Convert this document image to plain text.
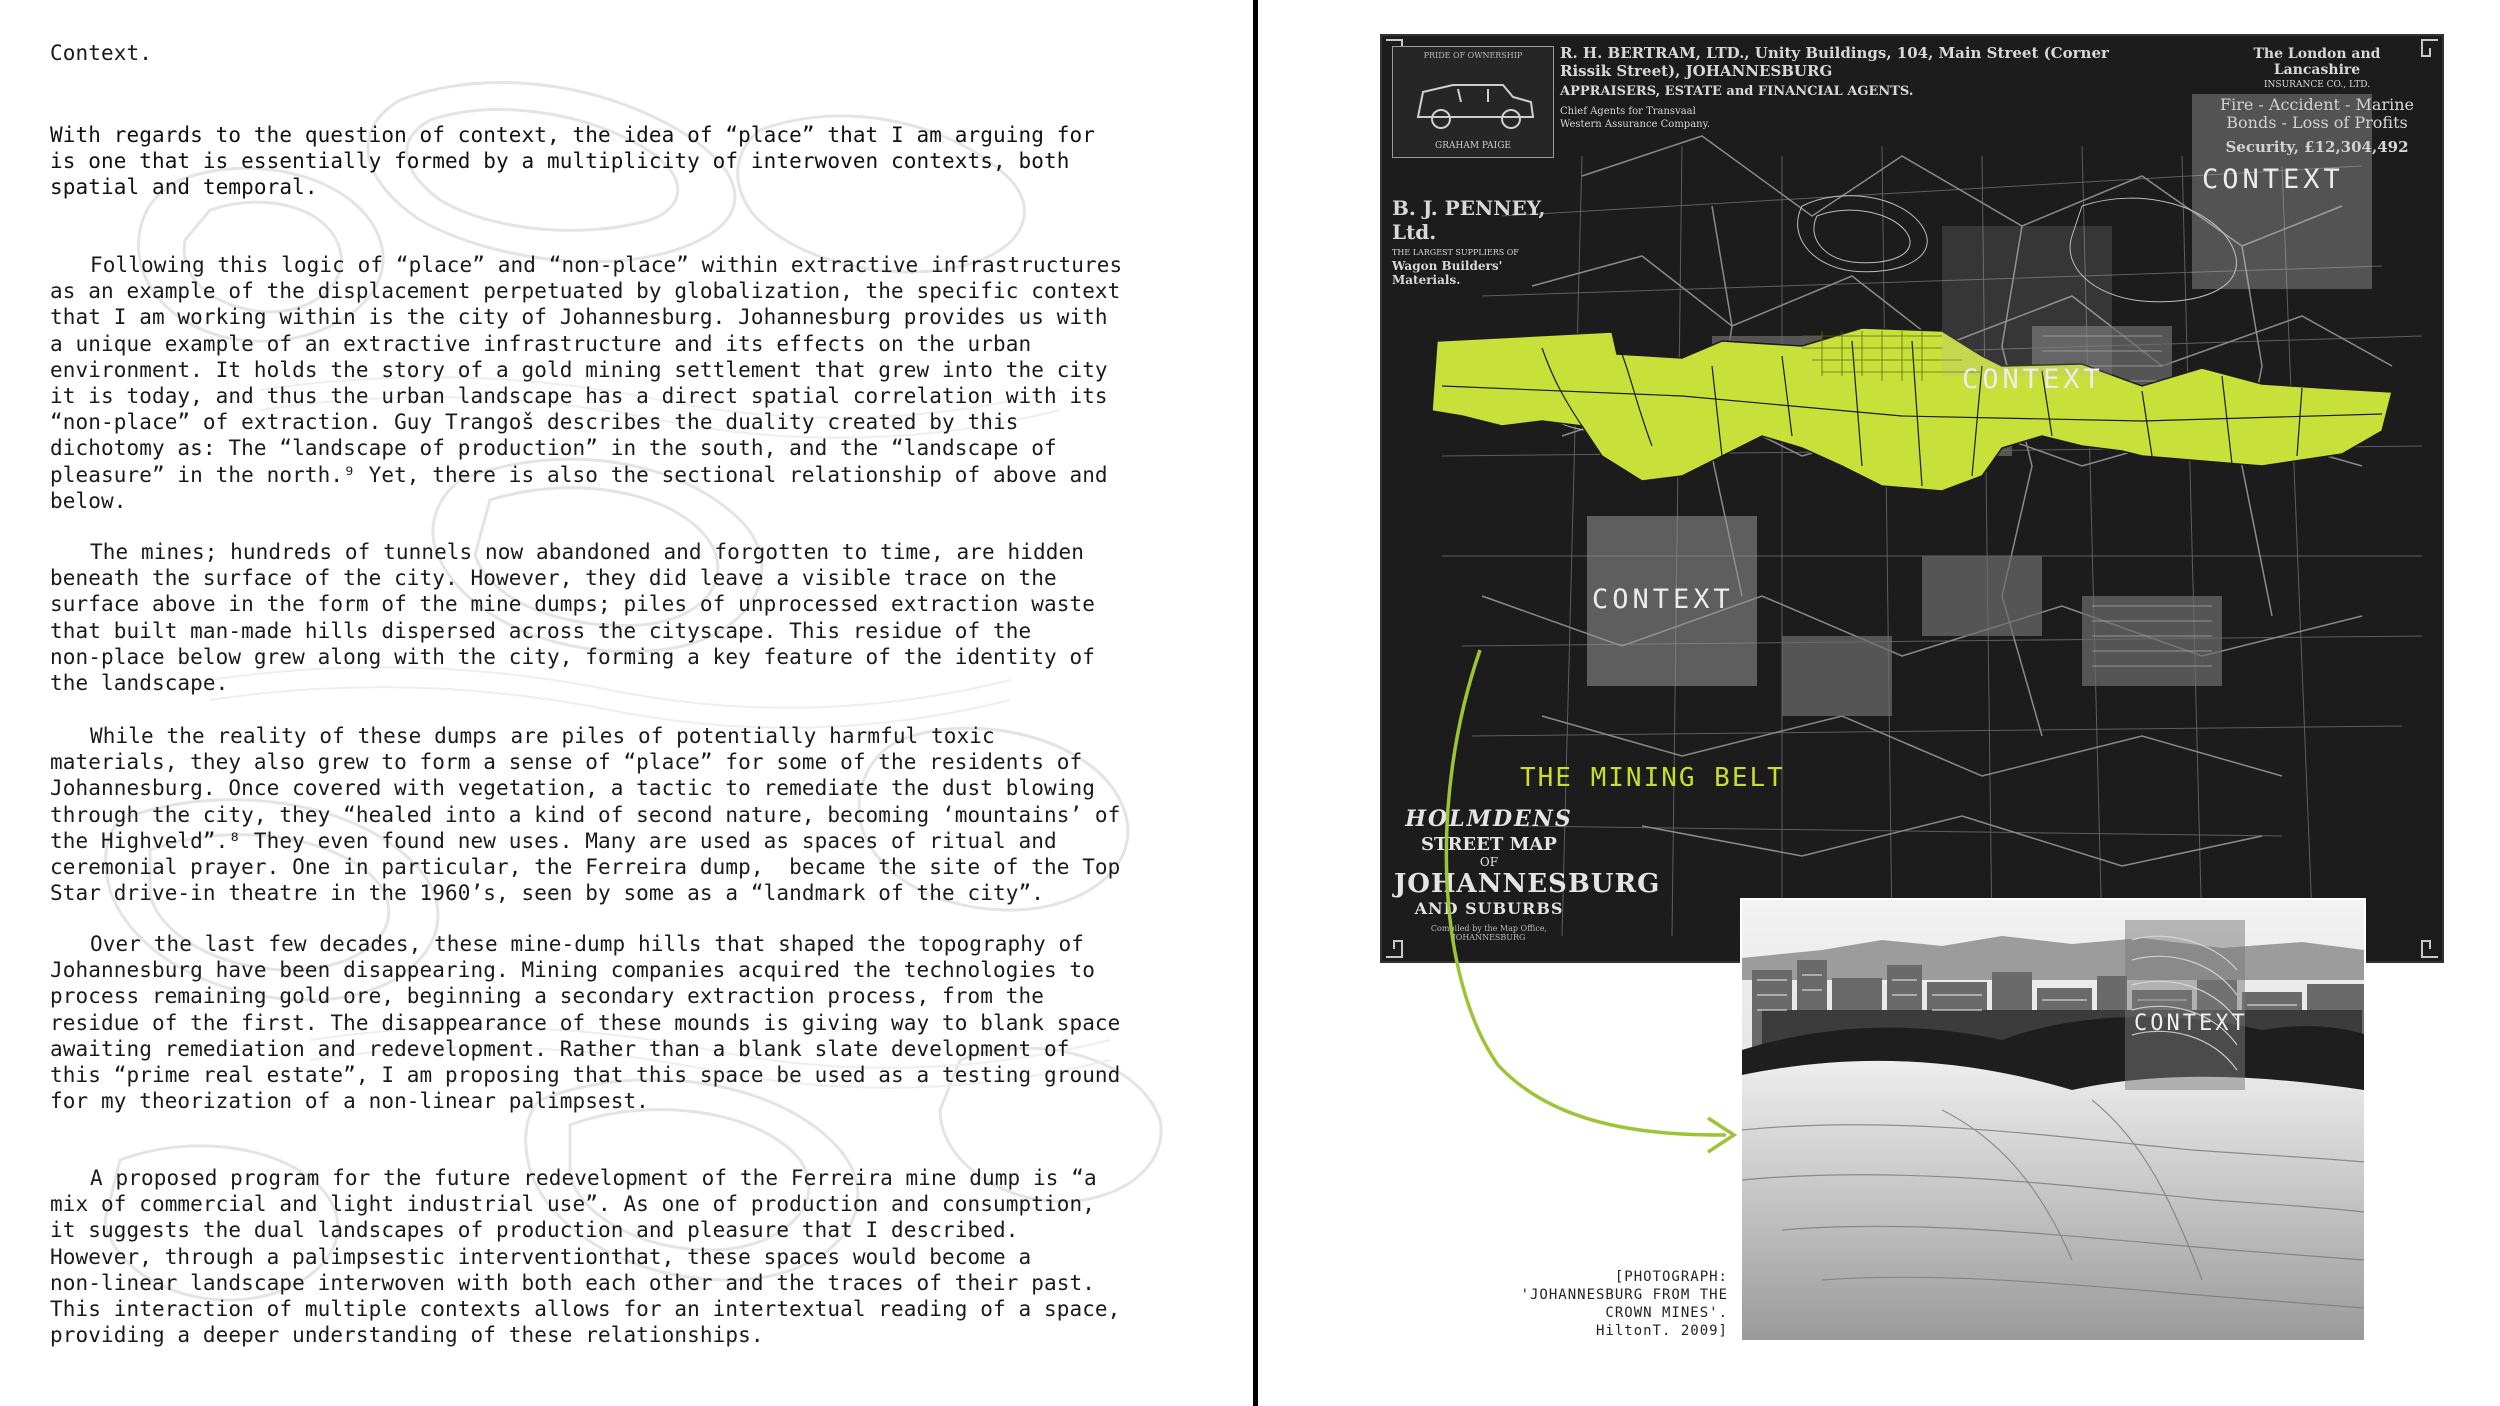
Context.
With regards to the question of context, the idea of “place” that I am arguing for
is one that is essentially formed by a multiplicity of interwoven contexts, both
spatial and temporal.
Following this logic of “place” and “non-place” within extractive infrastructures
as an example of the displacement perpetuated by globalization, the specific context
that I am working within is the city of Johannesburg. Johannesburg provides us with
a unique example of an extractive infrastructure and its effects on the urban
environment. It holds the story of a gold mining settlement that grew into the city
it is today, and thus the urban landscape has a direct spatial correlation with its
“non-place” of extraction. Guy Trangoš describes the duality created by this
dichotomy as: The “landscape of production” in the south, and the “landscape of
pleasure” in the north.⁹ Yet, there is also the sectional relationship of above and
below.
The mines; hundreds of tunnels now abandoned and forgotten to time, are hidden
beneath the surface of the city. However, they did leave a visible trace on the
surface above in the form of the mine dumps; piles of unprocessed extraction waste
that built man-made hills dispersed across the cityscape. This residue of the
non-place below grew along with the city, forming a key feature of the identity of
the landscape.
While the reality of these dumps are piles of potentially harmful toxic
materials, they also grew to form a sense of “place” for some of the residents of
Johannesburg. Once covered with vegetation, a tactic to remediate the dust blowing
through the city, they “healed into a kind of second nature, becoming ‘mountains’ of
the Highveld”.⁸ They even found new uses. Many are used as spaces of ritual and
ceremonial prayer. One in particular, the Ferreira dump,  became the site of the Top
Star drive-in theatre in the 1960’s, seen by some as a “landmark of the city”.
Over the last few decades, these mine-dump hills that shaped the topography of
Johannesburg have been disappearing. Mining companies acquired the technologies to
process remaining gold ore, beginning a secondary extraction process, from the
residue of the first. The disappearance of these mounds is giving way to blank space
awaiting remediation and redevelopment. Rather than a blank slate development of
this “prime real estate”, I am proposing that this space be used as a testing ground
for my theorization of a non-linear palimpsest.
A proposed program for the future redevelopment of the Ferreira mine dump is “a
mix of commercial and light industrial use”. As one of production and consumption,
it suggests the dual landscapes of production and pleasure that I described.
However, through a palimpsestic interventionthat, these spaces would become a
non-linear landscape interwoven with both each other and the traces of their past.
This interaction of multiple contexts allows for an intertextual reading of a space,
providing a deeper understanding of these relationships.
PRIDE OF OWNERSHIP
GRAHAM PAIGE
R. H. BERTRAM, LTD., Unity Buildings, 104, Main Street (Corner Rissik Street), JOHANNESBURG
APPRAISERS, ESTATE and FINANCIAL AGENTS.
Chief Agents for Transvaal
Western Assurance Company.
The London and Lancashire
INSURANCE CO., LTD.
Fire - Accident - Marine
Bonds - Loss of Profits
Security, £12,304,492
B. J. PENNEY, Ltd.
THE LARGEST SUPPLIERS OF
Wagon Builders' Materials.
HOLMDENS
STREET MAP
OF
JOHANNESBURG
AND SUBURBS
Compiled by the Map Office, JOHANNESBURG
CONTEXT
CONTEXT
CONTEXT
THE MINING BELT
CONTEXT
[PHOTOGRAPH:
'JOHANNESBURG FROM THE
CROWN MINES'.
HiltonT. 2009]
